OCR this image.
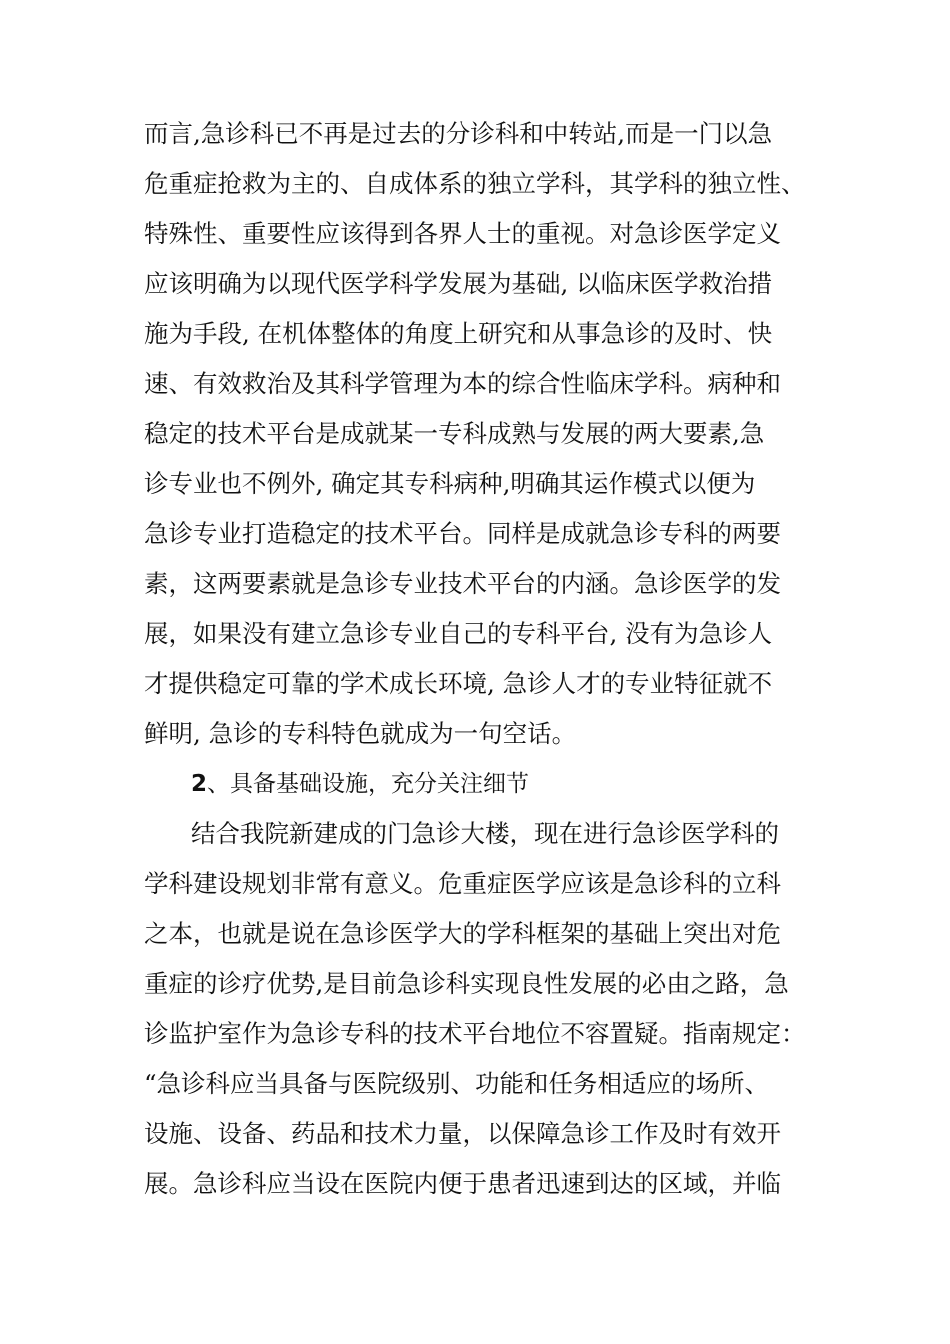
而言,急诊科已不再是过去的分诊科和中转站,而是一门以急
危重症抢救为主的、自成体系的独立学科，其学科的独立性、
特殊性、重要性应该得到各界人士的重视。对急诊医学定义
应该明确为以现代医学科学发展为基础, 以临床医学救治措
施为手段, 在机体整体的角度上研究和从事急诊的及时、快
速、有效救治及其科学管理为本的综合性临床学科。病种和
稳定的技术平台是成就某一专科成熟与发展的两大要素,急
诊专业也不例外, 确定其专科病种,明确其运作模式以便为
急诊专业打造稳定的技术平台。同样是成就急诊专科的两要
素，这两要素就是急诊专业技术平台的内涵。急诊医学的发
展，如果没有建立急诊专业自己的专科平台, 没有为急诊人
才提供稳定可靠的学术成长环境, 急诊人才的专业特征就不
鲜明, 急诊的专科特色就成为一句空话。
2、具备基础设施，充分关注细节
结合我院新建成的门急诊大楼，现在进行急诊医学科的
学科建设规划非常有意义。危重症医学应该是急诊科的立科
之本，也就是说在急诊医学大的学科框架的基础上突出对危
重症的诊疗优势,是目前急诊科实现良性发展的必由之路，急
诊监护室作为急诊专科的技术平台地位不容置疑。指南规定：
“急诊科应当具备与医院级别、功能和任务相适应的场所、
设施、设备、药品和技术力量，以保障急诊工作及时有效开
展。急诊科应当设在医院内便于患者迅速到达的区域，并临
